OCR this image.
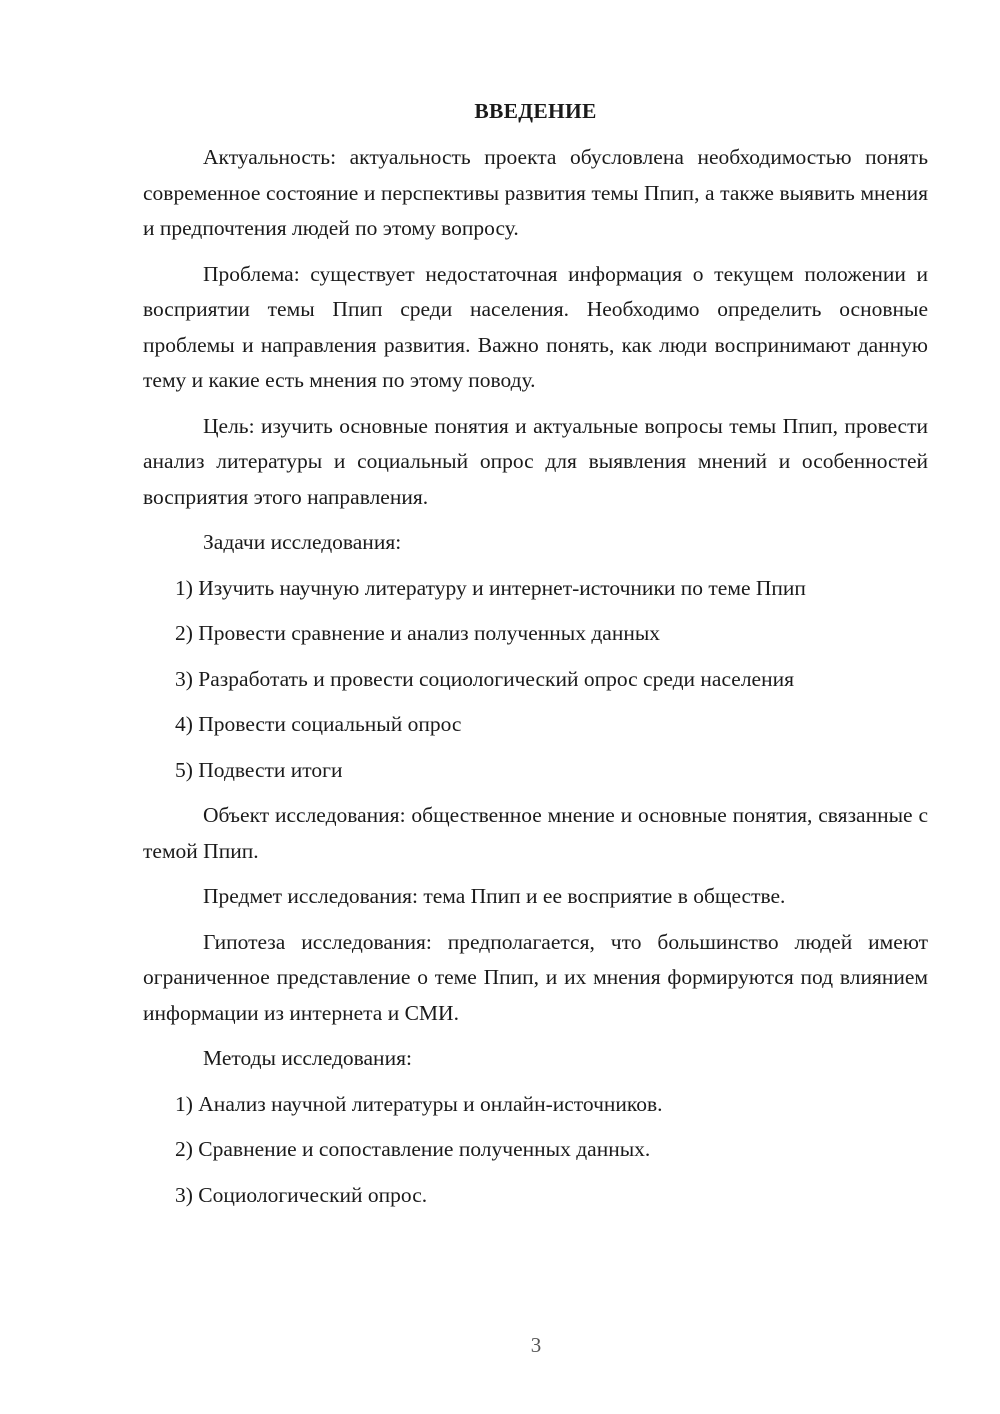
ВВЕДЕНИЕ

Актуальность: актуальность проекта обусловлена необходимостью понять современное состояние и перспективы развития темы Ппип, а также выявить мнения и предпочтения людей по этому вопросу.

Проблема: существует недостаточная информация о текущем положении и восприятии темы Ппип среди населения. Необходимо определить основные проблемы и направления развития. Важно понять, как люди воспринимают данную тему и какие есть мнения по этому поводу.

Цель: изучить основные понятия и актуальные вопросы темы Ппип, провести анализ литературы и социальный опрос для выявления мнений и особенностей восприятия этого направления.

Задачи исследования:

1) Изучить научную литературу и интернет-источники по теме Ппип
2) Провести сравнение и анализ полученных данных
3) Разработать и провести социологический опрос среди населения
4) Провести социальный опрос
5) Подвести итоги

Объект исследования: общественное мнение и основные понятия, связанные с темой Ппип.

Предмет исследования: тема Ппип и ее восприятие в обществе.

Гипотеза исследования: предполагается, что большинство людей имеют ограниченное представление о теме Ппип, и их мнения формируются под влиянием информации из интернета и СМИ.

Методы исследования:

1) Анализ научной литературы и онлайн-источников.
2) Сравнение и сопоставление полученных данных.
3) Социологический опрос.
3
